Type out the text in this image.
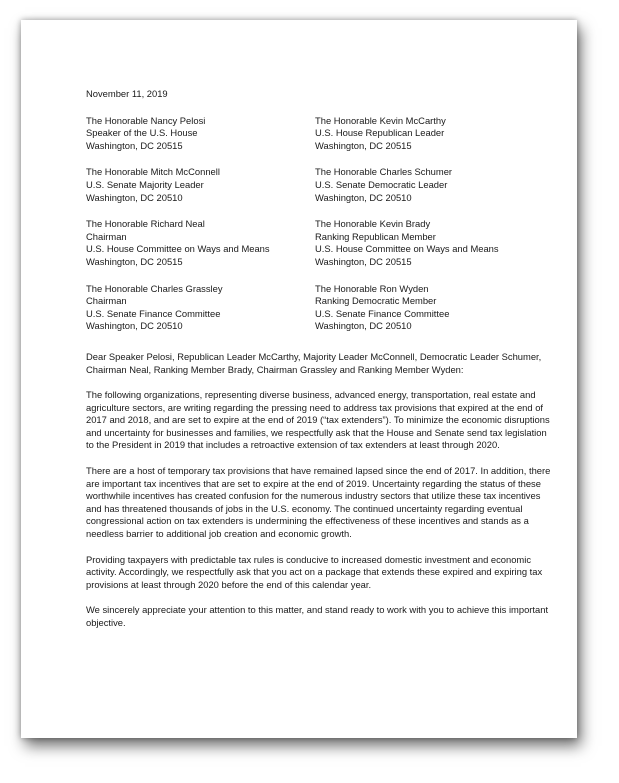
November 11, 2019

The Honorable Nancy Pelosi
Speaker of the U.S. House
Washington, DC 20515
The Honorable Kevin McCarthy
U.S. House Republican Leader
Washington, DC 20515
The Honorable Mitch McConnell
U.S. Senate Majority Leader
Washington, DC 20510
The Honorable Charles Schumer
U.S. Senate Democratic Leader
Washington, DC 20510
The Honorable Richard Neal
Chairman
U.S. House Committee on Ways and Means
Washington, DC 20515
The Honorable Kevin Brady
Ranking Republican Member
U.S. House Committee on Ways and Means
Washington, DC 20515
The Honorable Charles Grassley
Chairman
U.S. Senate Finance Committee
Washington, DC 20510
The Honorable Ron Wyden
Ranking Democratic Member
U.S. Senate Finance Committee
Washington, DC 20510

Dear Speaker Pelosi, Republican Leader McCarthy, Majority Leader McConnell, Democratic Leader Schumer, Chairman Neal, Ranking Member Brady, Chairman Grassley and Ranking Member Wyden:

The following organizations, representing diverse business, advanced energy, transportation, real estate and agriculture sectors, are writing regarding the pressing need to address tax provisions that expired at the end of 2017 and 2018, and are set to expire at the end of 2019 (“tax extenders”). To minimize the economic disruptions and uncertainty for businesses and families, we respectfully ask that the House and Senate send tax legislation to the President in 2019 that includes a retroactive extension of tax extenders at least through 2020.

There are a host of temporary tax provisions that have remained lapsed since the end of 2017. In addition, there are important tax incentives that are set to expire at the end of 2019. Uncertainty regarding the status of these worthwhile incentives has created confusion for the numerous industry sectors that utilize these tax incentives and has threatened thousands of jobs in the U.S. economy. The continued uncertainty regarding eventual congressional action on tax extenders is undermining the effectiveness of these incentives and stands as a needless barrier to additional job creation and economic growth.

Providing taxpayers with predictable tax rules is conducive to increased domestic investment and economic activity. Accordingly, we respectfully ask that you act on a package that extends these expired and expiring tax provisions at least through 2020 before the end of this calendar year.

We sincerely appreciate your attention to this matter, and stand ready to work with you to achieve this important objective.
